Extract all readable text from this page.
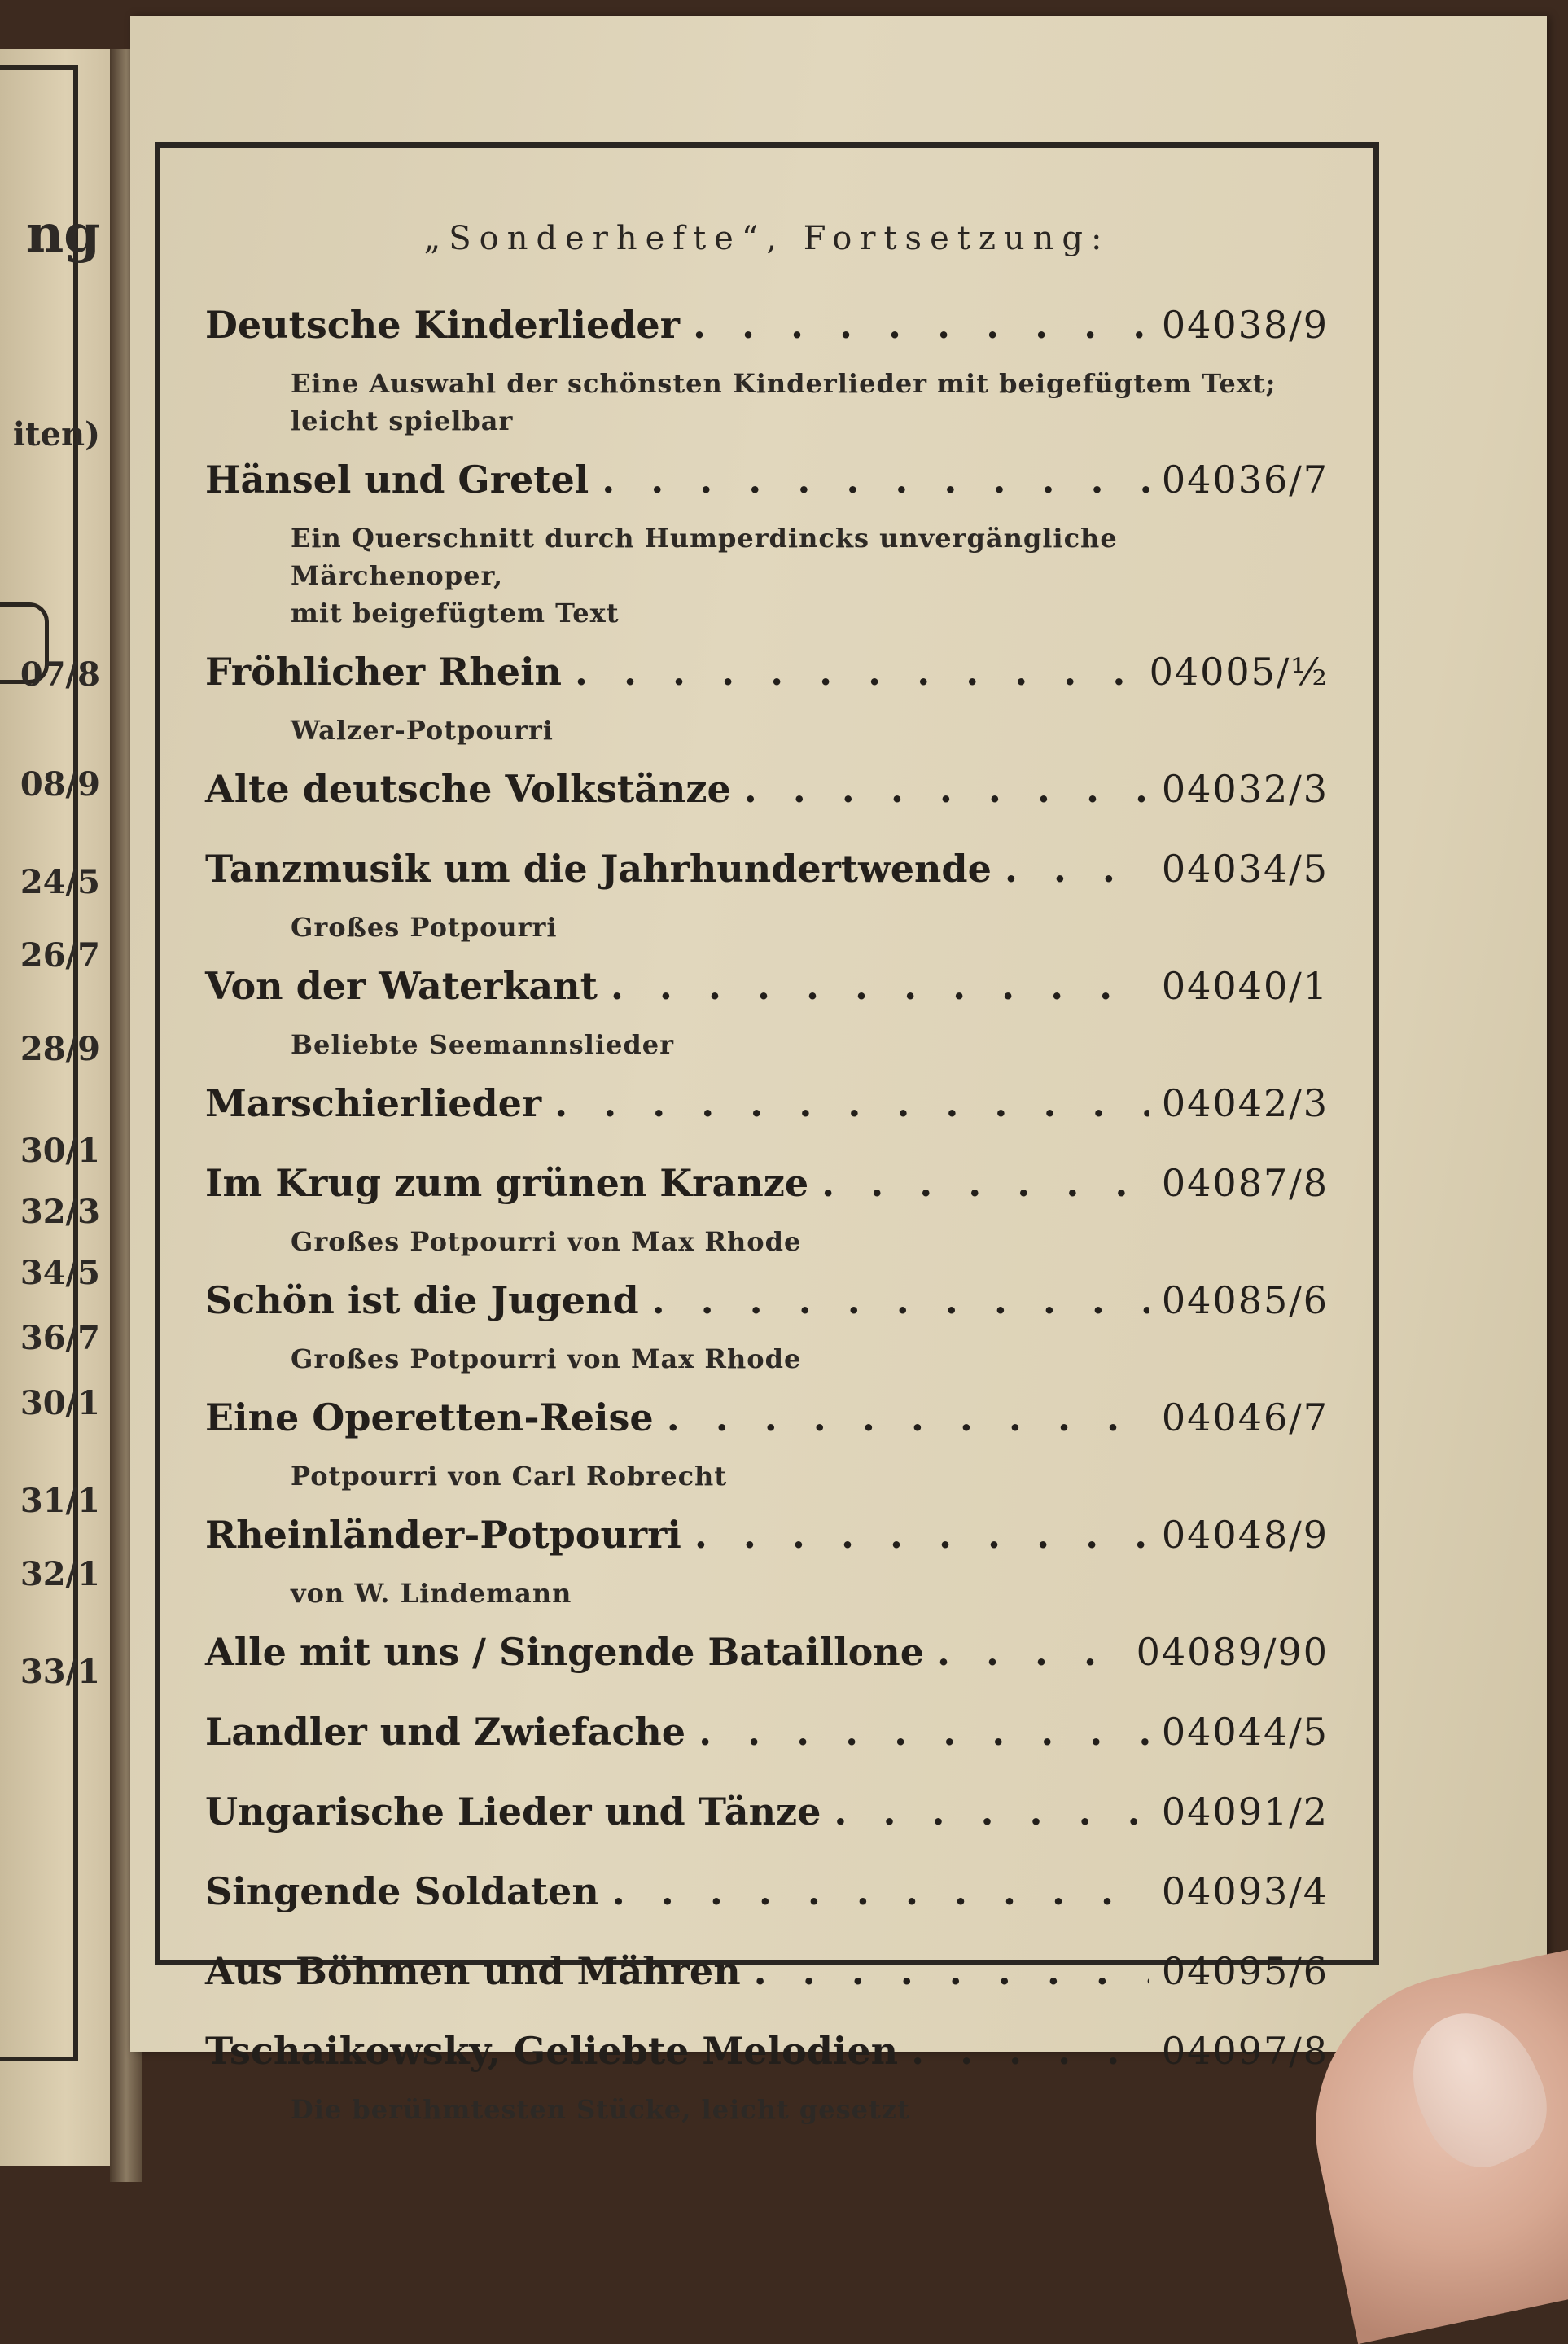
ng
iten)
07/8
08/9
24/5
26/7
28/9
30/1
32/3
34/5
36/7
30/1
31/1
32/1
33/1
„Sonderhefte“, Fortsetzung:
Deutsche Kinderlieder . . .	04038/9
Eine Auswahl der schönsten Kinderlieder mit beigefügtem Text;
leicht spielbar
Hänsel und Gretel . . .	04036/7
Ein Querschnitt durch Humperdincks unvergängliche Märchenoper,
mit beigefügtem Text
Fröhlicher Rhein . . .	04005/½
Walzer-Potpourri
Alte deutsche Volkstänze . . .	04032/3
Tanzmusik um die Jahrhundertwende . . .	04034/5
Großes Potpourri
Von der Waterkant . . .	04040/1
Beliebte Seemannslieder
Marschierlieder . . .	04042/3
Im Krug zum grünen Kranze . . .	04087/8
Großes Potpourri von Max Rhode
Schön ist die Jugend . . .	04085/6
Großes Potpourri von Max Rhode
Eine Operetten-Reise . . .	04046/7
Potpourri von Carl Robrecht
Rheinländer-Potpourri . . .	04048/9
von W. Lindemann
Alle mit uns / Singende Bataillone . . .	04089/90
Landler und Zwiefache . . .	04044/5
Ungarische Lieder und Tänze . . .	04091/2
Singende Soldaten . . .	04093/4
Aus Böhmen und Mähren . . .	04095/6
Tschaikowsky, Geliebte Melodien . . .	04097/8
Die berühmtesten Stücke, leicht gesetzt
